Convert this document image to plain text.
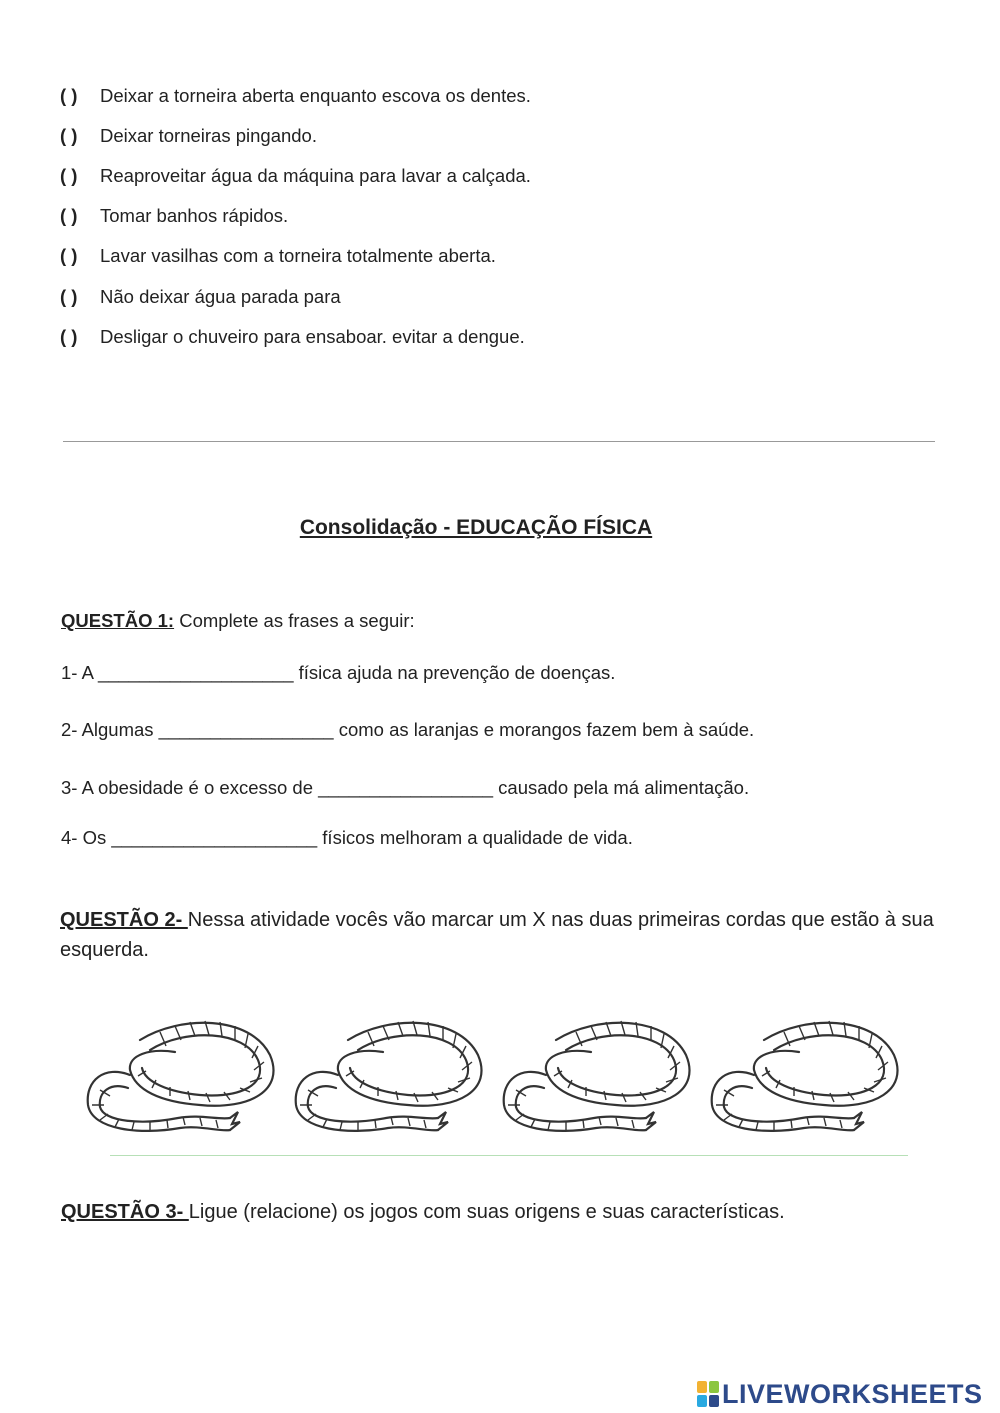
( ) Deixar a torneira aberta enquanto escova os dentes.
( ) Deixar torneiras pingando.
( ) Reaproveitar água da máquina para lavar a calçada.
( ) Tomar banhos rápidos.
( ) Lavar vasilhas com a torneira totalmente aberta.
( ) Não deixar água parada para
( ) Desligar o chuveiro para ensaboar. evitar a dengue.
Consolidação - EDUCAÇÃO FÍSICA
QUESTÃO 1: Complete as frases a seguir:
1- A ___________________ física ajuda na prevenção de doenças.
2- Algumas _________________ como as laranjas e morangos fazem bem à saúde.
3- A obesidade é o excesso de _________________ causado pela má alimentação.
4- Os ____________________ físicos melhoram a qualidade de vida.
QUESTÃO 2- Nessa atividade vocês vão marcar um X nas duas primeiras cordas que estão à sua esquerda.
QUESTÃO 3- Ligue (relacione) os jogos com suas origens e suas características.
LIVEWORKSHEETS
